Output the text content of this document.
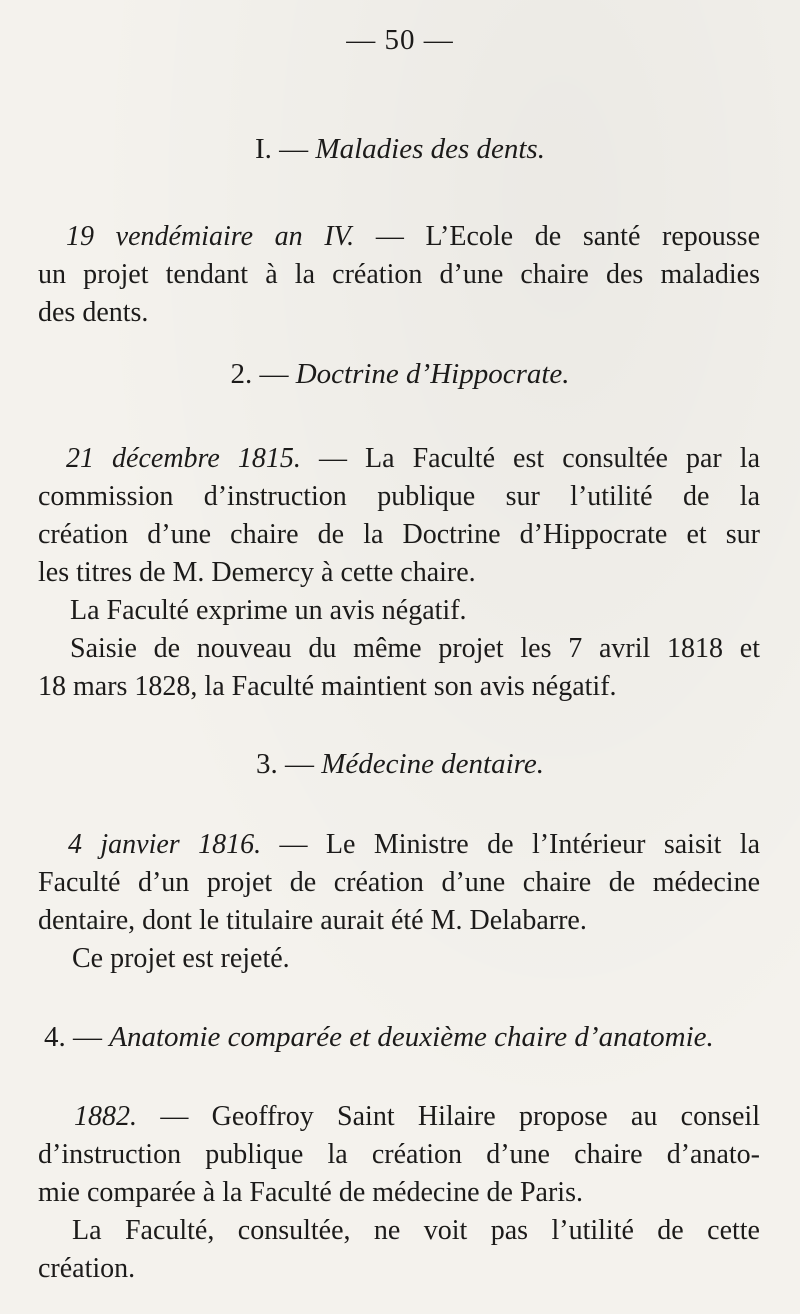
— 50 —
I. — Maladies des dents.
19 vendémiaire an IV. — L’Ecole de santé repousse
un projet tendant à la création d’une chaire des maladies
des dents.
2. — Doctrine d’Hippocrate.
21 décembre 1815. — La Faculté est consultée par la
commission d’instruction publique sur l’utilité de la
création d’une chaire de la Doctrine d’Hippocrate et sur
les titres de M. Demercy à cette chaire.
La Faculté exprime un avis négatif.
Saisie de nouveau du même projet les 7 avril 1818 et
18 mars 1828, la Faculté maintient son avis négatif.
3. — Médecine dentaire.
4 janvier 1816. — Le Ministre de l’Intérieur saisit la
Faculté d’un projet de création d’une chaire de médecine
dentaire, dont le titulaire aurait été M. Delabarre.
Ce projet est rejeté.
4. — Anatomie comparée et deuxième chaire d’anatomie.
1882. — Geoffroy Saint Hilaire propose au conseil
d’instruction publique la création d’une chaire d’anato-
mie comparée à la Faculté de médecine de Paris.
La Faculté, consultée, ne voit pas l’utilité de cette
création.
